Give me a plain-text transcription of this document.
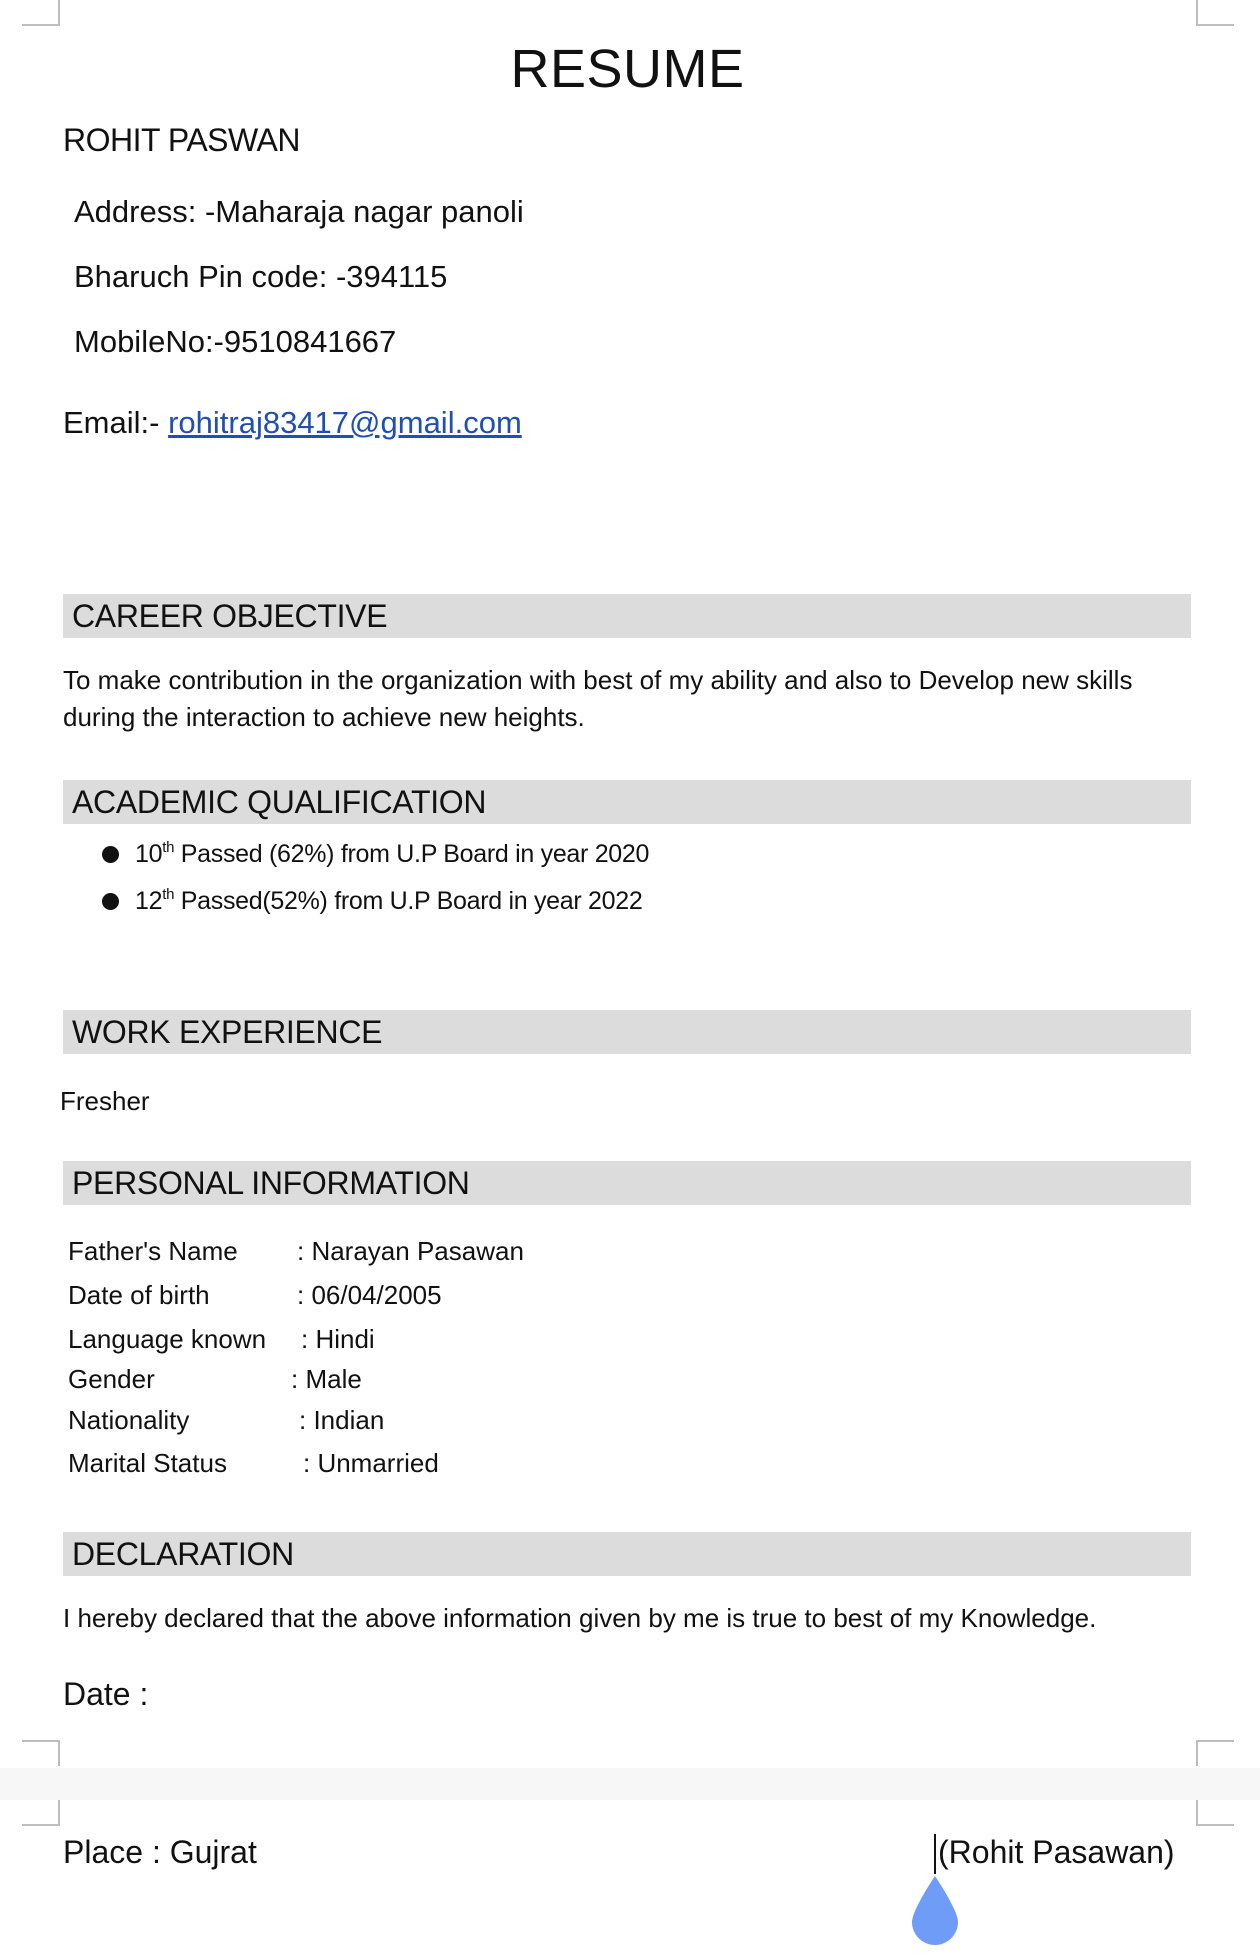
RESUME
ROHIT PASWAN
Address: -Maharaja nagar panoli
Bharuch Pin code: -394115
MobileNo:-9510841667
Email:- rohitraj83417@gmail.com
CAREER OBJECTIVE
To make contribution in the organization with best of my ability and also to Develop new skills
during the interaction to achieve new heights.
ACADEMIC QUALIFICATION
10th Passed (62%) from U.P Board in year 2020
12th Passed(52%) from U.P Board in year 2022
WORK EXPERIENCE
Fresher
PERSONAL INFORMATION
Father's Name : Narayan Pasawan
Date of birth	: 06/04/2005
Language known : Hindi
Gender	: Male
Nationality	: Indian
Marital Status	: Unmarried
DECLARATION
I hereby declared that the above information given by me is true to best of my Knowledge.
Date :
Place : Gujrat	(Rohit Pasawan)
